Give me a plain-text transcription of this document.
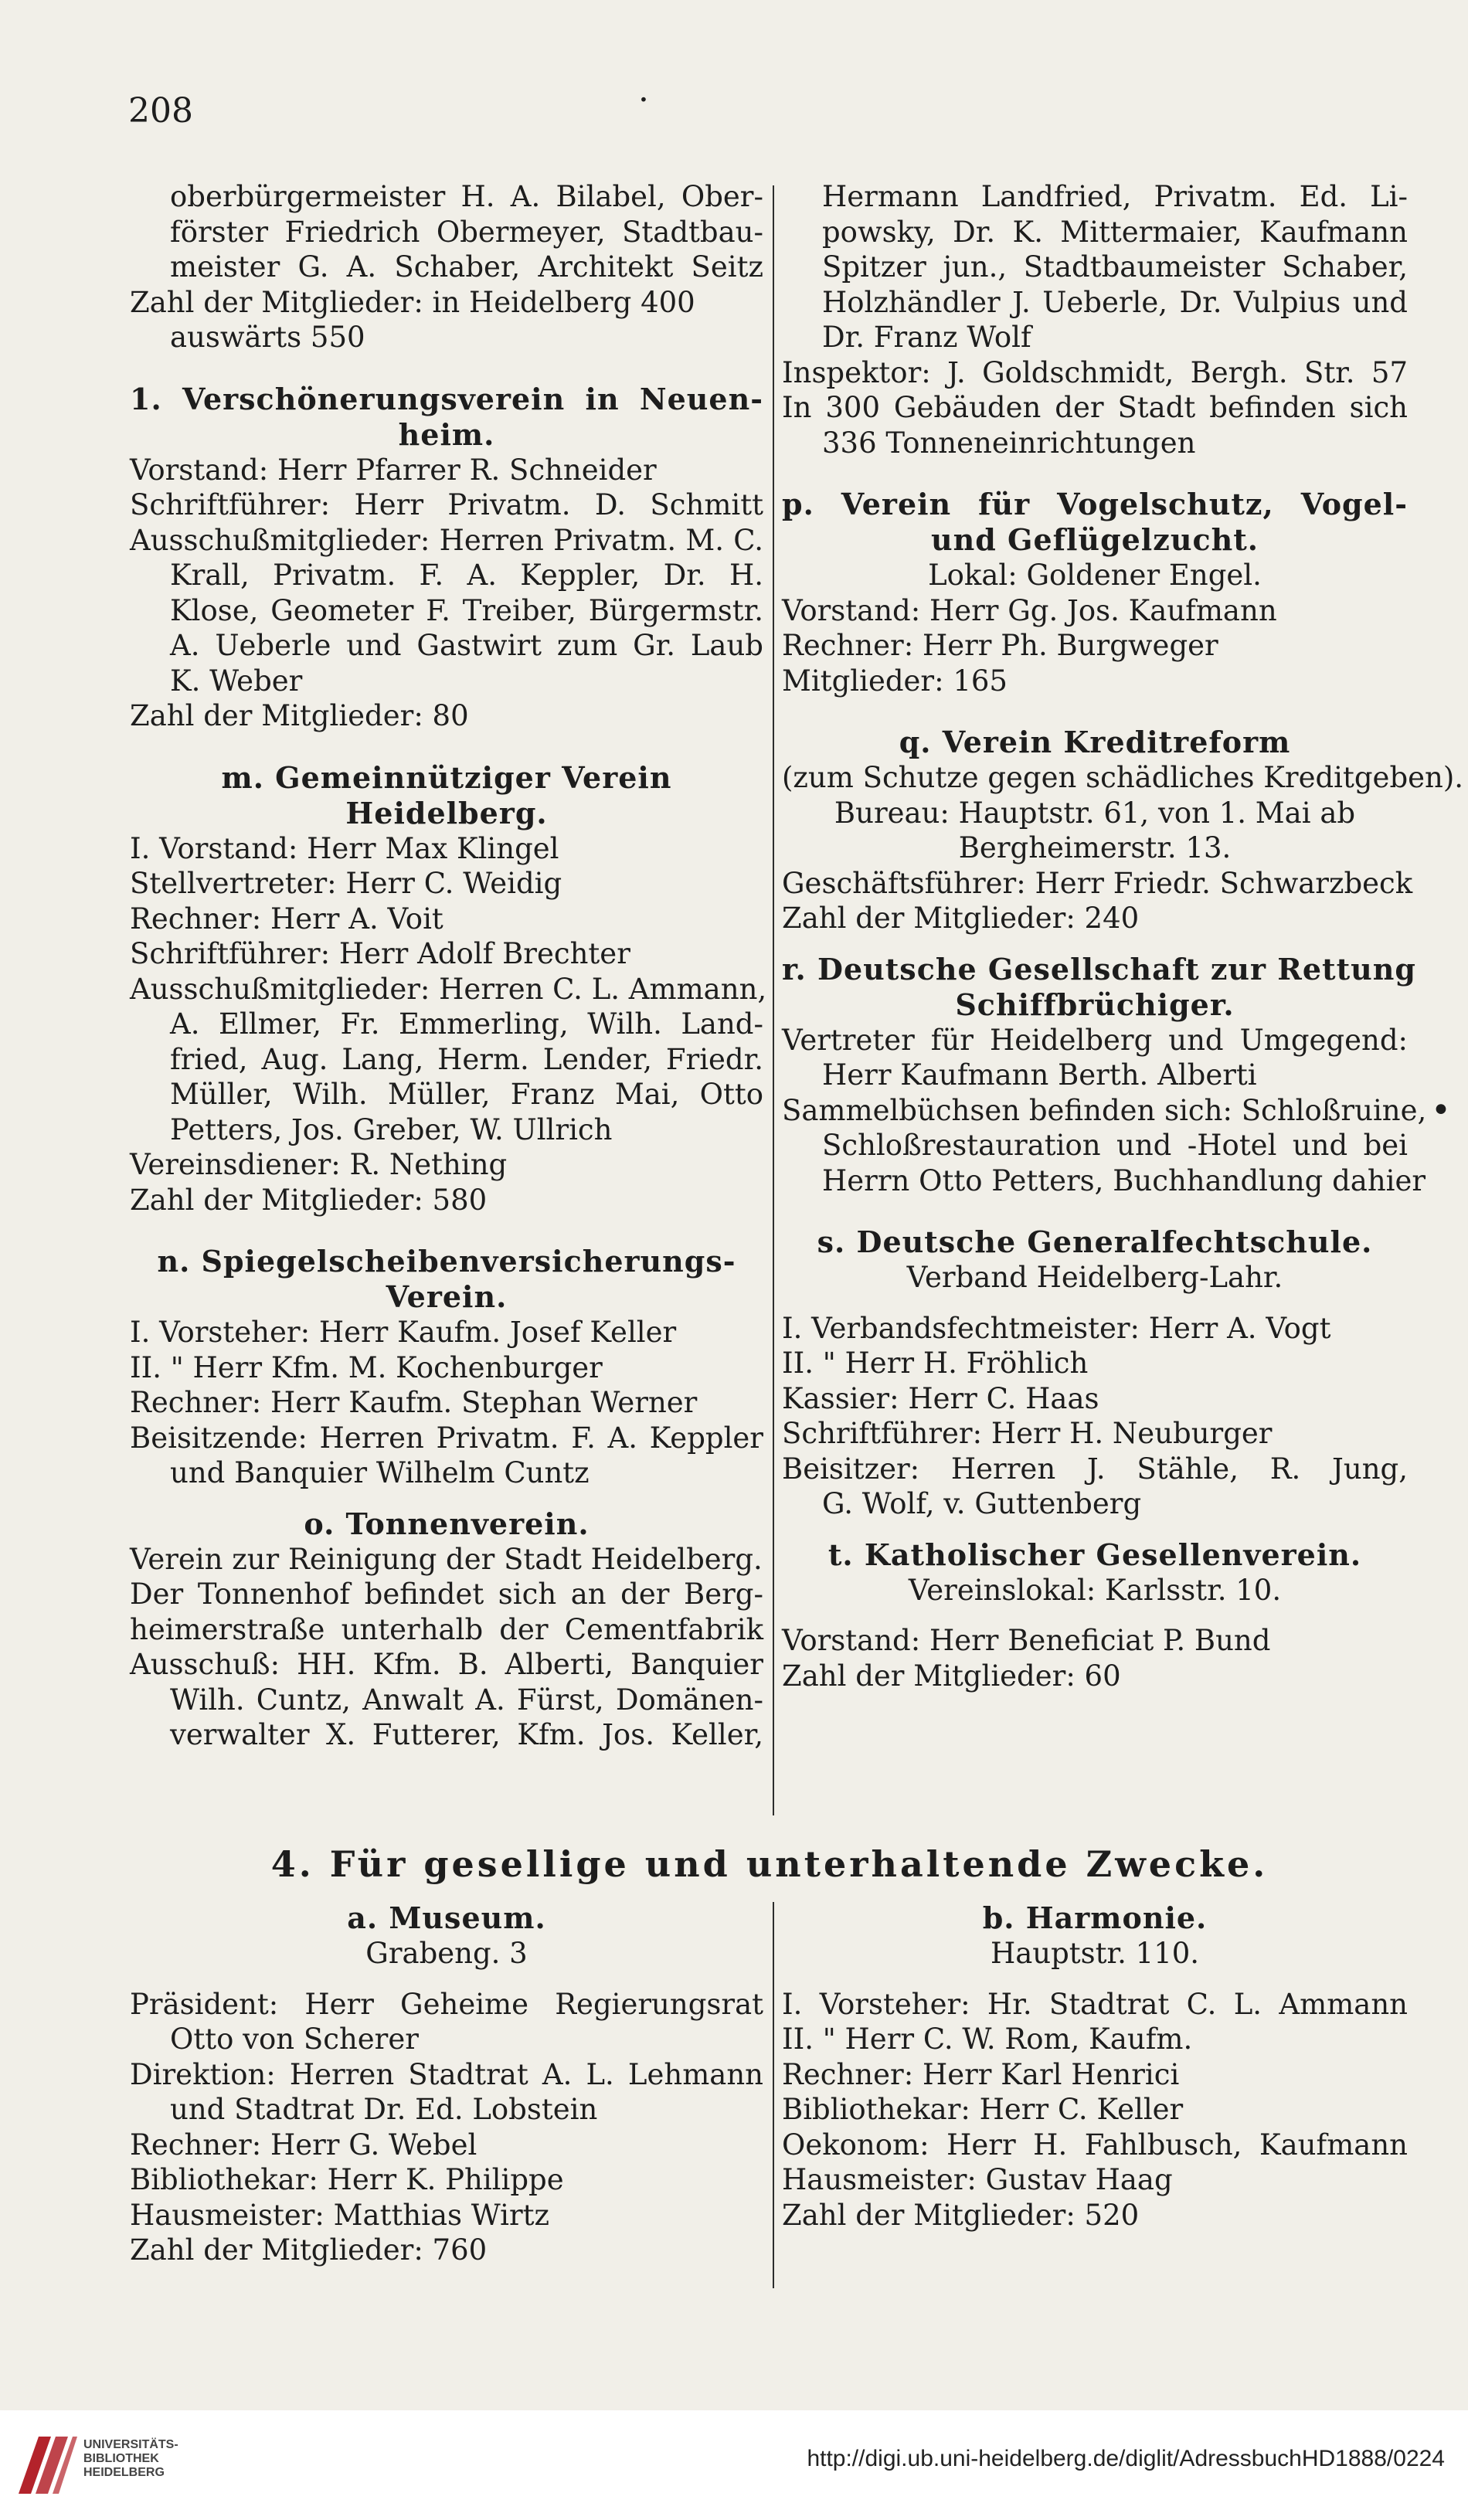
208	·
•
oberbürgermeister H. A. Bilabel, Ober-
förster Friedrich Obermeyer, Stadtbau-
meister G. A. Schaber, Architekt Seitz
Zahl der Mitglieder: in Heidelberg 400
auswärts 550
1. Verschönerungsverein in Neuen-
heim.
Vorstand: Herr Pfarrer R. Schneider
Schriftführer: Herr Privatm. D. Schmitt
Ausschußmitglieder: Herren Privatm. M. C.
Krall, Privatm. F. A. Keppler, Dr. H.
Klose, Geometer F. Treiber, Bürgermstr.
A. Ueberle und Gastwirt zum Gr. Laub
K. Weber
Zahl der Mitglieder: 80
m. Gemeinnütziger Verein
Heidelberg.
I. Vorstand: Herr Max Klingel
Stellvertreter: Herr C. Weidig
Rechner: Herr A. Voit
Schriftführer: Herr Adolf Brechter
Ausschußmitglieder: Herren C. L. Ammann,
A. Ellmer, Fr. Emmerling, Wilh. Land-
fried, Aug. Lang, Herm. Lender, Friedr.
Müller, Wilh. Müller, Franz Mai, Otto
Petters, Jos. Greber, W. Ullrich
Vereinsdiener: R. Nething
Zahl der Mitglieder: 580
n. Spiegelscheibenversicherungs-
Verein.
I. Vorsteher: Herr Kaufm. Josef Keller
II. " Herr Kfm. M. Kochenburger
Rechner: Herr Kaufm. Stephan Werner
Beisitzende: Herren Privatm. F. A. Keppler
und Banquier Wilhelm Cuntz
o. Tonnenverein.
Verein zur Reinigung der Stadt Heidelberg.
Der Tonnenhof befindet sich an der Berg-
heimerstraße unterhalb der Cementfabrik
Ausschuß: HH. Kfm. B. Alberti, Banquier
Wilh. Cuntz, Anwalt A. Fürst, Domänen-
verwalter X. Futterer, Kfm. Jos. Keller,
Hermann Landfried, Privatm. Ed. Li-
powsky, Dr. K. Mittermaier, Kaufmann
Spitzer jun., Stadtbaumeister Schaber,
Holzhändler J. Ueberle, Dr. Vulpius und
Dr. Franz Wolf
Inspektor: J. Goldschmidt, Bergh. Str. 57
In 300 Gebäuden der Stadt befinden sich
336 Tonneneinrichtungen
p. Verein für Vogelschutz, Vogel-
und Geflügelzucht.
Lokal: Goldener Engel.
Vorstand: Herr Gg. Jos. Kaufmann
Rechner: Herr Ph. Burgweger
Mitglieder: 165
q. Verein Kreditreform
(zum Schutze gegen schädliches Kreditgeben).
Bureau: Hauptstr. 61, von 1. Mai ab
Bergheimerstr. 13.
Geschäftsführer: Herr Friedr. Schwarzbeck
Zahl der Mitglieder: 240
r. Deutsche Gesellschaft zur Rettung
Schiffbrüchiger.
Vertreter für Heidelberg und Umgegend:
Herr Kaufmann Berth. Alberti
Sammelbüchsen befinden sich: Schloßruine,
Schloßrestauration und -Hotel und bei
Herrn Otto Petters, Buchhandlung dahier
s. Deutsche Generalfechtschule.
Verband Heidelberg-Lahr.
I. Verbandsfechtmeister: Herr A. Vogt
II. " Herr H. Fröhlich
Kassier: Herr C. Haas
Schriftführer: Herr H. Neuburger
Beisitzer: Herren J. Stähle, R. Jung,
G. Wolf, v. Guttenberg
t. Katholischer Gesellenverein.
Vereinslokal: Karlsstr. 10.
Vorstand: Herr Beneficiat P. Bund
Zahl der Mitglieder: 60
4. Für gesellige und unterhaltende Zwecke.
a. Museum.
Grabeng. 3
Präsident: Herr Geheime Regierungsrat
Otto von Scherer
Direktion: Herren Stadtrat A. L. Lehmann
und Stadtrat Dr. Ed. Lobstein
Rechner: Herr G. Webel
Bibliothekar: Herr K. Philippe
Hausmeister: Matthias Wirtz
Zahl der Mitglieder: 760
b. Harmonie.
Hauptstr. 110.
I. Vorsteher: Hr. Stadtrat C. L. Ammann
II. " Herr C. W. Rom, Kaufm.
Rechner: Herr Karl Henrici
Bibliothekar: Herr C. Keller
Oekonom: Herr H. Fahlbusch, Kaufmann
Hausmeister: Gustav Haag
Zahl der Mitglieder: 520
UNIVERSITÄTS-
BIBLIOTHEK
HEIDELBERG
http://digi.ub.uni-heidelberg.de/diglit/AdressbuchHD1888/0224
